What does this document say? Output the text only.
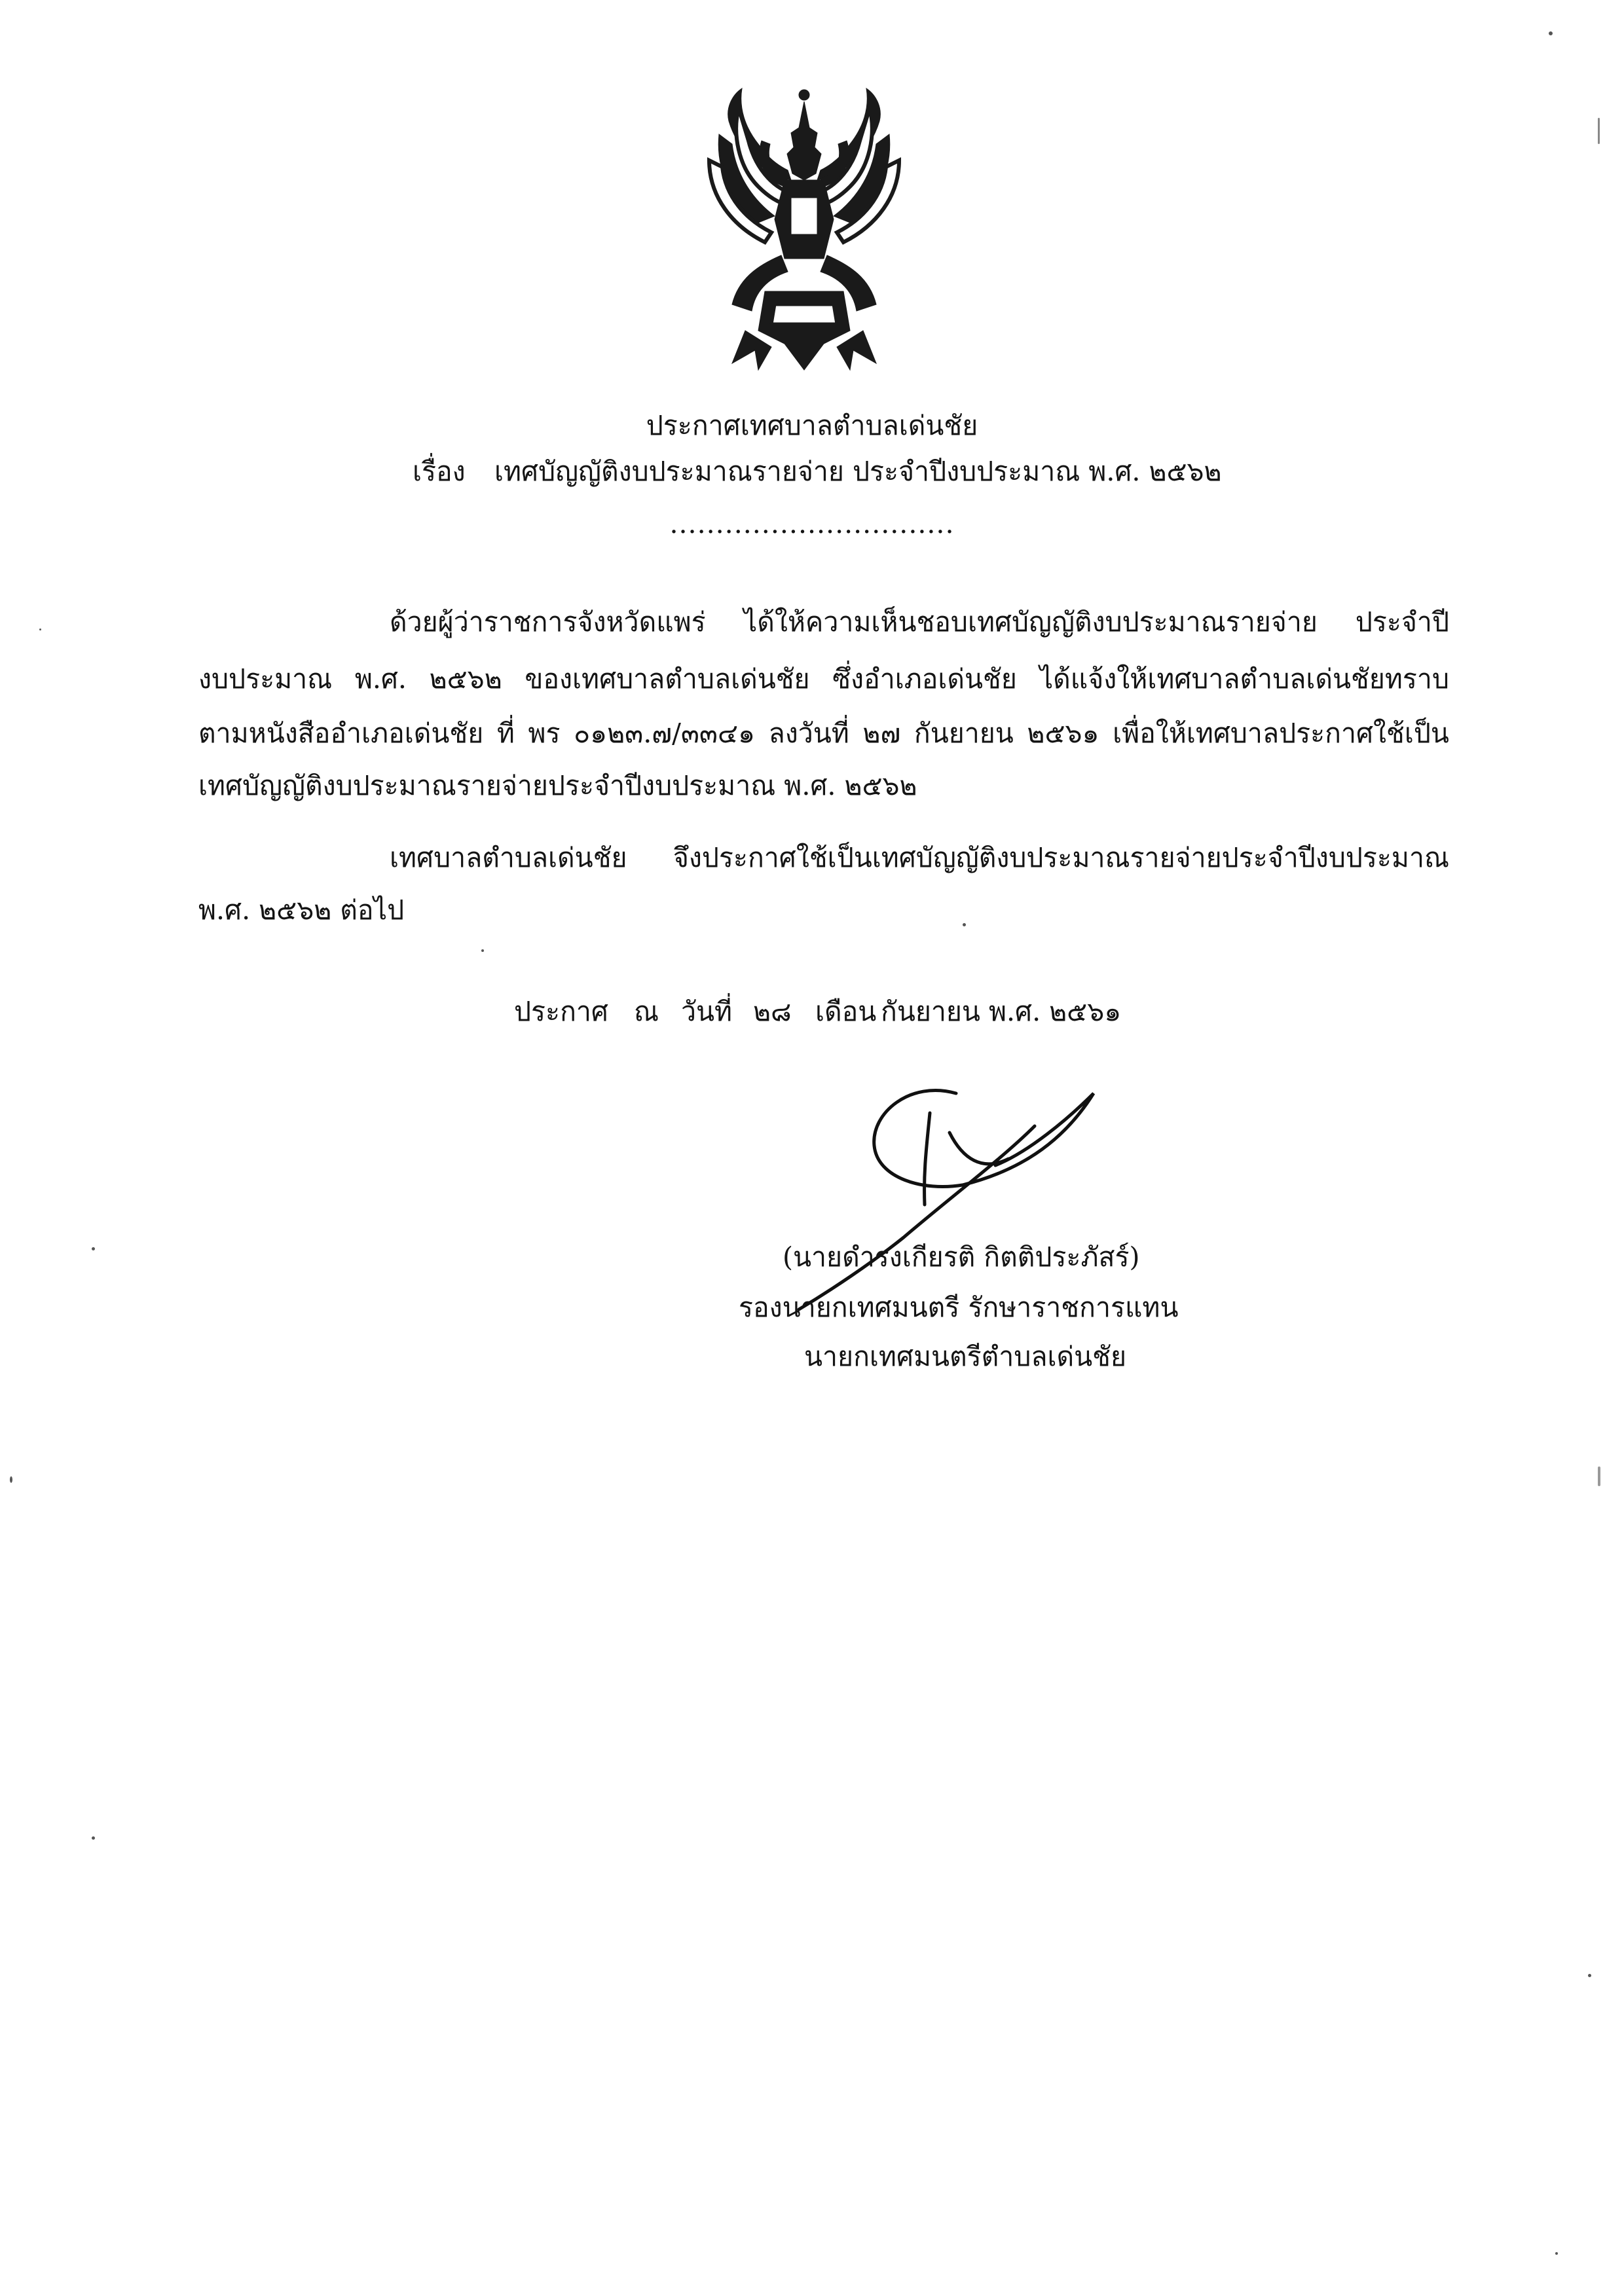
ประกาศเทศบาลตำบลเด่นชัย
เรื่อง เทศบัญญัติงบประมาณรายจ่าย ประจำปีงบประมาณ พ.ศ. ๒๕๖๒
...............................
ด้วยผู้ว่าราชการจังหวัดแพร่ ได้ให้ความเห็นชอบเทศบัญญัติงบประมาณรายจ่าย ประจำปี
งบประมาณ พ.ศ. ๒๕๖๒ ของเทศบาลตำบลเด่นชัย ซึ่งอำเภอเด่นชัย ได้แจ้งให้เทศบาลตำบลเด่นชัยทราบ
ตามหนังสืออำเภอเด่นชัย ที่ พร ๐๑๒๓.๗/๓๓๔๑ ลงวันที่ ๒๗ กันยายน ๒๕๖๑ เพื่อให้เทศบาลประกาศใช้เป็น
เทศบัญญัติงบประมาณรายจ่ายประจำปีงบประมาณ พ.ศ. ๒๕๖๒
เทศบาลตำบลเด่นชัย จึงประกาศใช้เป็นเทศบัญญัติงบประมาณรายจ่ายประจำปีงบประมาณ
พ.ศ. ๒๕๖๒ ต่อไป
ประกาศ ณ วันที่ ๒๘ เดือน กันยายน พ.ศ. ๒๕๖๑
(นายดำรงเกียรติ กิตติประภัสร์)
รองนายกเทศมนตรี รักษาราชการแทน
นายกเทศมนตรีตำบลเด่นชัย
